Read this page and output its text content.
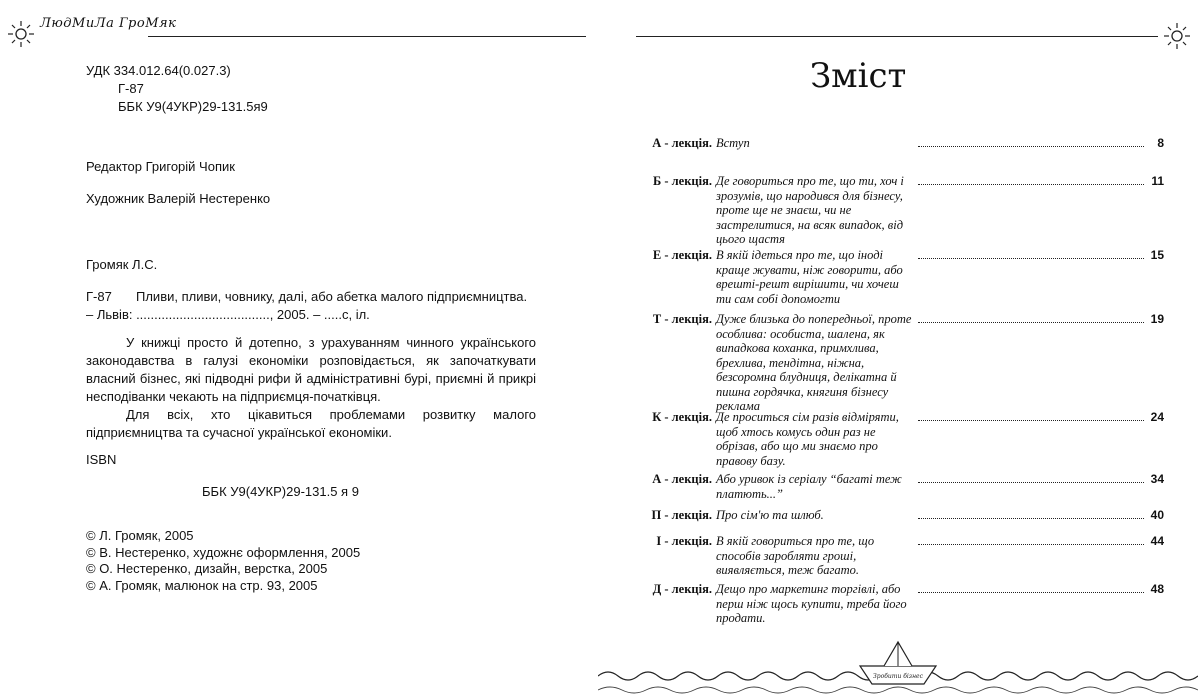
ЛюдМиЛа ГроМяк
УДК 334.012.64(0.027.3)
Г-87
ББК У9(4УКР)29-131.5я9
Редактор Григорій Чопик
Художник Валерій Нестеренко
Громяк Л.С.
Г-87 Пливи, пливи, човнику, далі, або абетка малого підприємництва.
– Львів: ....................................., 2005. – .....с, іл.

У книжці просто й дотепно, з урахуванням чинного українського законодавства в галузі економіки розповідається, як започаткувати власний бізнес, які підводні рифи й адміністративні бурі, приємні й прикрі несподіванки чекають на підприємця-початківця.

Для всіх, хто цікавиться проблемами розвитку малого підприємництва та сучасної української економіки.

ISBN
ББК У9(4УКР)29-131.5 я 9
© Л. Громяк, 2005
© В. Нестеренко, художнє оформлення, 2005
© О. Нестеренко, дизайн, верстка, 2005
© А. Громяк, малюнок на стр. 93, 2005
Зміст
А - лекція. Вступ	8
Б - лекція. Де говориться про те, що ти, хоч і зрозумів, що народився для бізнесу, проте ще не знаєш, чи не застрелитися, на всяк випадок, від цього щастя
11
Е - лекція. В якій ідеться про те, що іноді краще жувати, ніж говорити, або врешті-решт вирішити, чи хочеш ти сам собі допомогти
15
Т - лекція. Дуже близька до попередньої, проте особлива: особиста, шалена, як випадкова коханка, примхлива, брехлива, тендітна, ніжна, безсоромна блудниця, делікатна й пишна гордячка, княгиня бізнесу реклама
19
К - лекція. Де проситься сім разів відміряти, щоб хтось комусь один раз не обрізав, або що ми знаємо про правову базу.
24
А - лекція. Або уривок із серіалу “багаті теж платють...”
34
П - лекція. Про сім'ю та шлюб.	40
І - лекція. В якій говориться про те, що способів заробляти гроші, виявляється, теж багато.
44
Д - лекція. Дещо про маркетинг торгівлі, або перш ніж щось купити, треба його продати.
48
Зробити бізнес
